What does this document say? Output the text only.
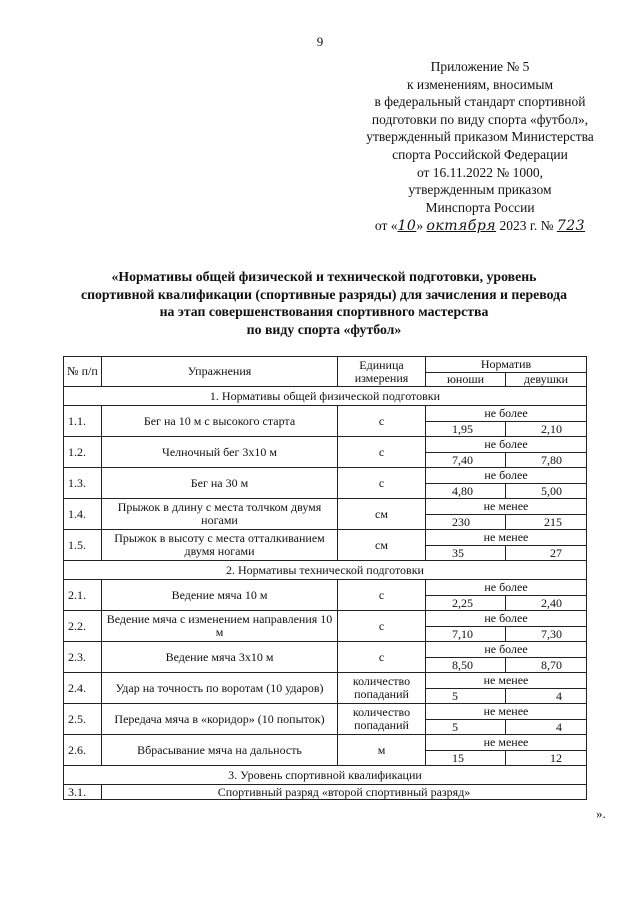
9
Приложение № 5
к изменениям, вносимым
в федеральный стандарт спортивной
подготовки по виду спорта «футбол»,
утвержденный приказом Министерства
спорта Российской Федерации
от 16.11.2022 № 1000,
утвержденным приказом
Минспорта России
от «10» октября 2023 г. № 723
«Нормативы общей физической и технической подготовки, уровень
спортивной квалификации (спортивные разряды) для зачисления и перевода
на этап совершенствования спортивного мастерства
по виду спорта «футбол»
№ п/п	Упражнения	Единица измерения	Норматив	
			юноши	девушки
1. Нормативы общей физической подготовки				
1.1.	Бег на 10 м с высокого старта	с	не более	
			1,95	2,10
1.2.	Челночный бег 3х10 м	с	не более	
			7,40	7,80
1.3.	Бег на 30 м	с	не более	
			4,80	5,00
1.4.	Прыжок в длину с места толчком двумя ногами	см	не менее	
			230	215
1.5.	Прыжок в высоту с места отталкиванием двумя ногами	см	не менее	
			35	27
2. Нормативы технической подготовки				
2.1.	Ведение мяча 10 м	с	не более	
			2,25	2,40
2.2.	Ведение мяча с изменением направления 10 м	с	не более	
			7,10	7,30
2.3.	Ведение мяча 3х10 м	с	не более	
			8,50	8,70
2.4.	Удар на точность по воротам (10 ударов)	количество попаданий	не менее	
			5	4
2.5.	Передача мяча в «коридор» (10 попыток)	количество попаданий	не менее	
			5	4
2.6.	Вбрасывание мяча на дальность	м	не менее	
			15	12
3. Уровень спортивной квалификации				
3.1.	Спортивный разряд «второй спортивный разряд»			
».
